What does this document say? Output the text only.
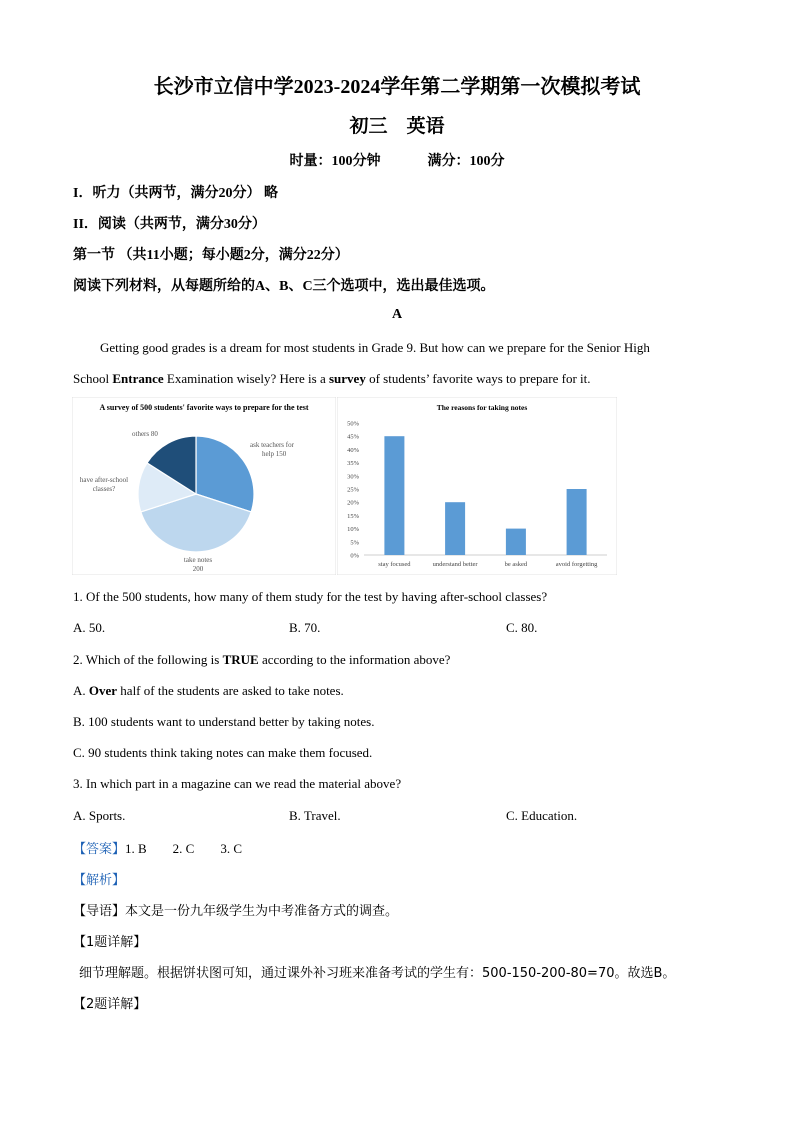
长沙市立信中学2023-2024学年第二学期第一次模拟考试
初三　英语
时量：100分钟	满分：100分
I．听力（共两节，满分20分） 略
II．阅读（共两节，满分30分）
第一节 （共11小题；每小题2分，满分22分）
阅读下列材料，从每题所给的A、B、C三个选项中，选出最佳选项。
A
Getting good grades is a dream for most students in Grade 9. But how can we prepare for the Senior High
School Entrance Examination wisely? Here is a survey of students’ favorite ways to prepare for it.
A survey of 500 students' favorite ways to prepare for the test
ask teachers for
help 150
take notes
200
have after-school
classes?
others 80
The reasons for taking notes
0%
5%
10%
15%
20%
25%
30%
35%
40%
45%
50%
stay focused	understand better	be asked	avoid forgetting
1. Of the 500 students, how many of them study for the test by having after-school classes?
A. 50.	B. 70.	C. 80.
2. Which of the following is TRUE according to the information above?
A. Over half of the students are asked to take notes.
B. 100 students want to understand better by taking notes.
C. 90 students think taking notes can make them focused.
3. In which part in a magazine can we read the material above?
A. Sports.	B. Travel.	C. Education.
【答案】1. B　　2. C　　3. C
【解析】
【导语】本文是一份九年级学生为中考准备方式的调查。
【1题详解】
细节理解题。根据饼状图可知，通过课外补习班来准备考试的学生有：500-150-200-80=70。故选B。
【2题详解】
